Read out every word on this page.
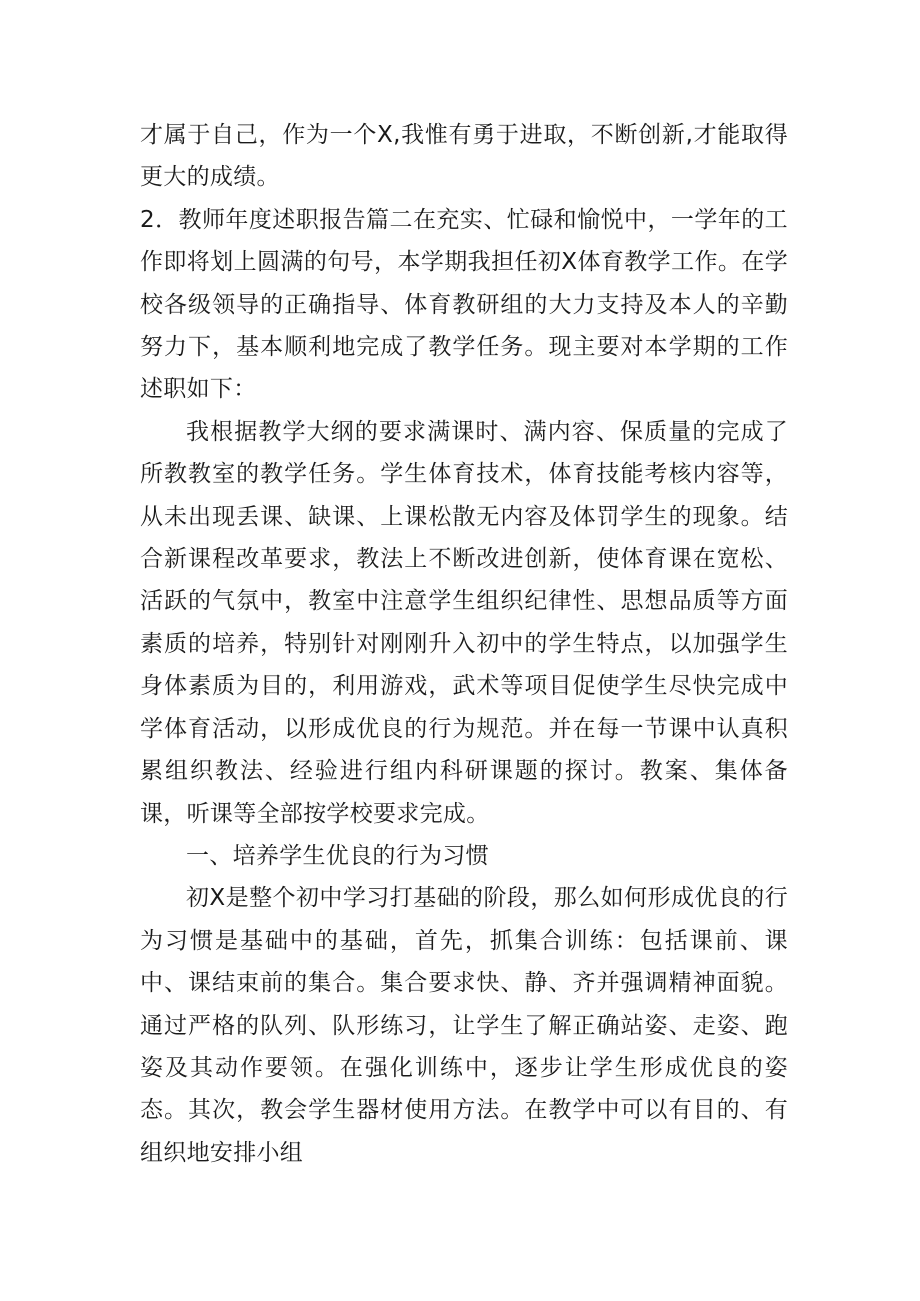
才属于自己，作为一个X,我惟有勇于进取，不断创新,才能取得更大的成绩。

2．教师年度述职报告篇二在充实、忙碌和愉悦中，一学年的工作即将划上圆满的句号，本学期我担任初X体育教学工作。在学校各级领导的正确指导、体育教研组的大力支持及本人的辛勤努力下，基本顺利地完成了教学任务。现主要对本学期的工作述职如下：

我根据教学大纲的要求满课时、满内容、保质量的完成了所教教室的教学任务。学生体育技术，体育技能考核内容等，从未出现丢课、缺课、上课松散无内容及体罚学生的现象。结合新课程改革要求，教法上不断改进创新，使体育课在宽松、活跃的气氛中，教室中注意学生组织纪律性、思想品质等方面素质的培养，特别针对刚刚升入初中的学生特点，以加强学生身体素质为目的，利用游戏，武术等项目促使学生尽快完成中学体育活动，以形成优良的行为规范。并在每一节课中认真积累组织教法、经验进行组内科研课题的探讨。教案、集体备课，听课等全部按学校要求完成。

一、培养学生优良的行为习惯

初X是整个初中学习打基础的阶段，那么如何形成优良的行为习惯是基础中的基础，首先，抓集合训练：包括课前、课中、课结束前的集合。集合要求快、静、齐并强调精神面貌。通过严格的队列、队形练习，让学生了解正确站姿、走姿、跑姿及其动作要领。在强化训练中，逐步让学生形成优良的姿态。其次，教会学生器材使用方法。在教学中可以有目的、有组织地安排小组
